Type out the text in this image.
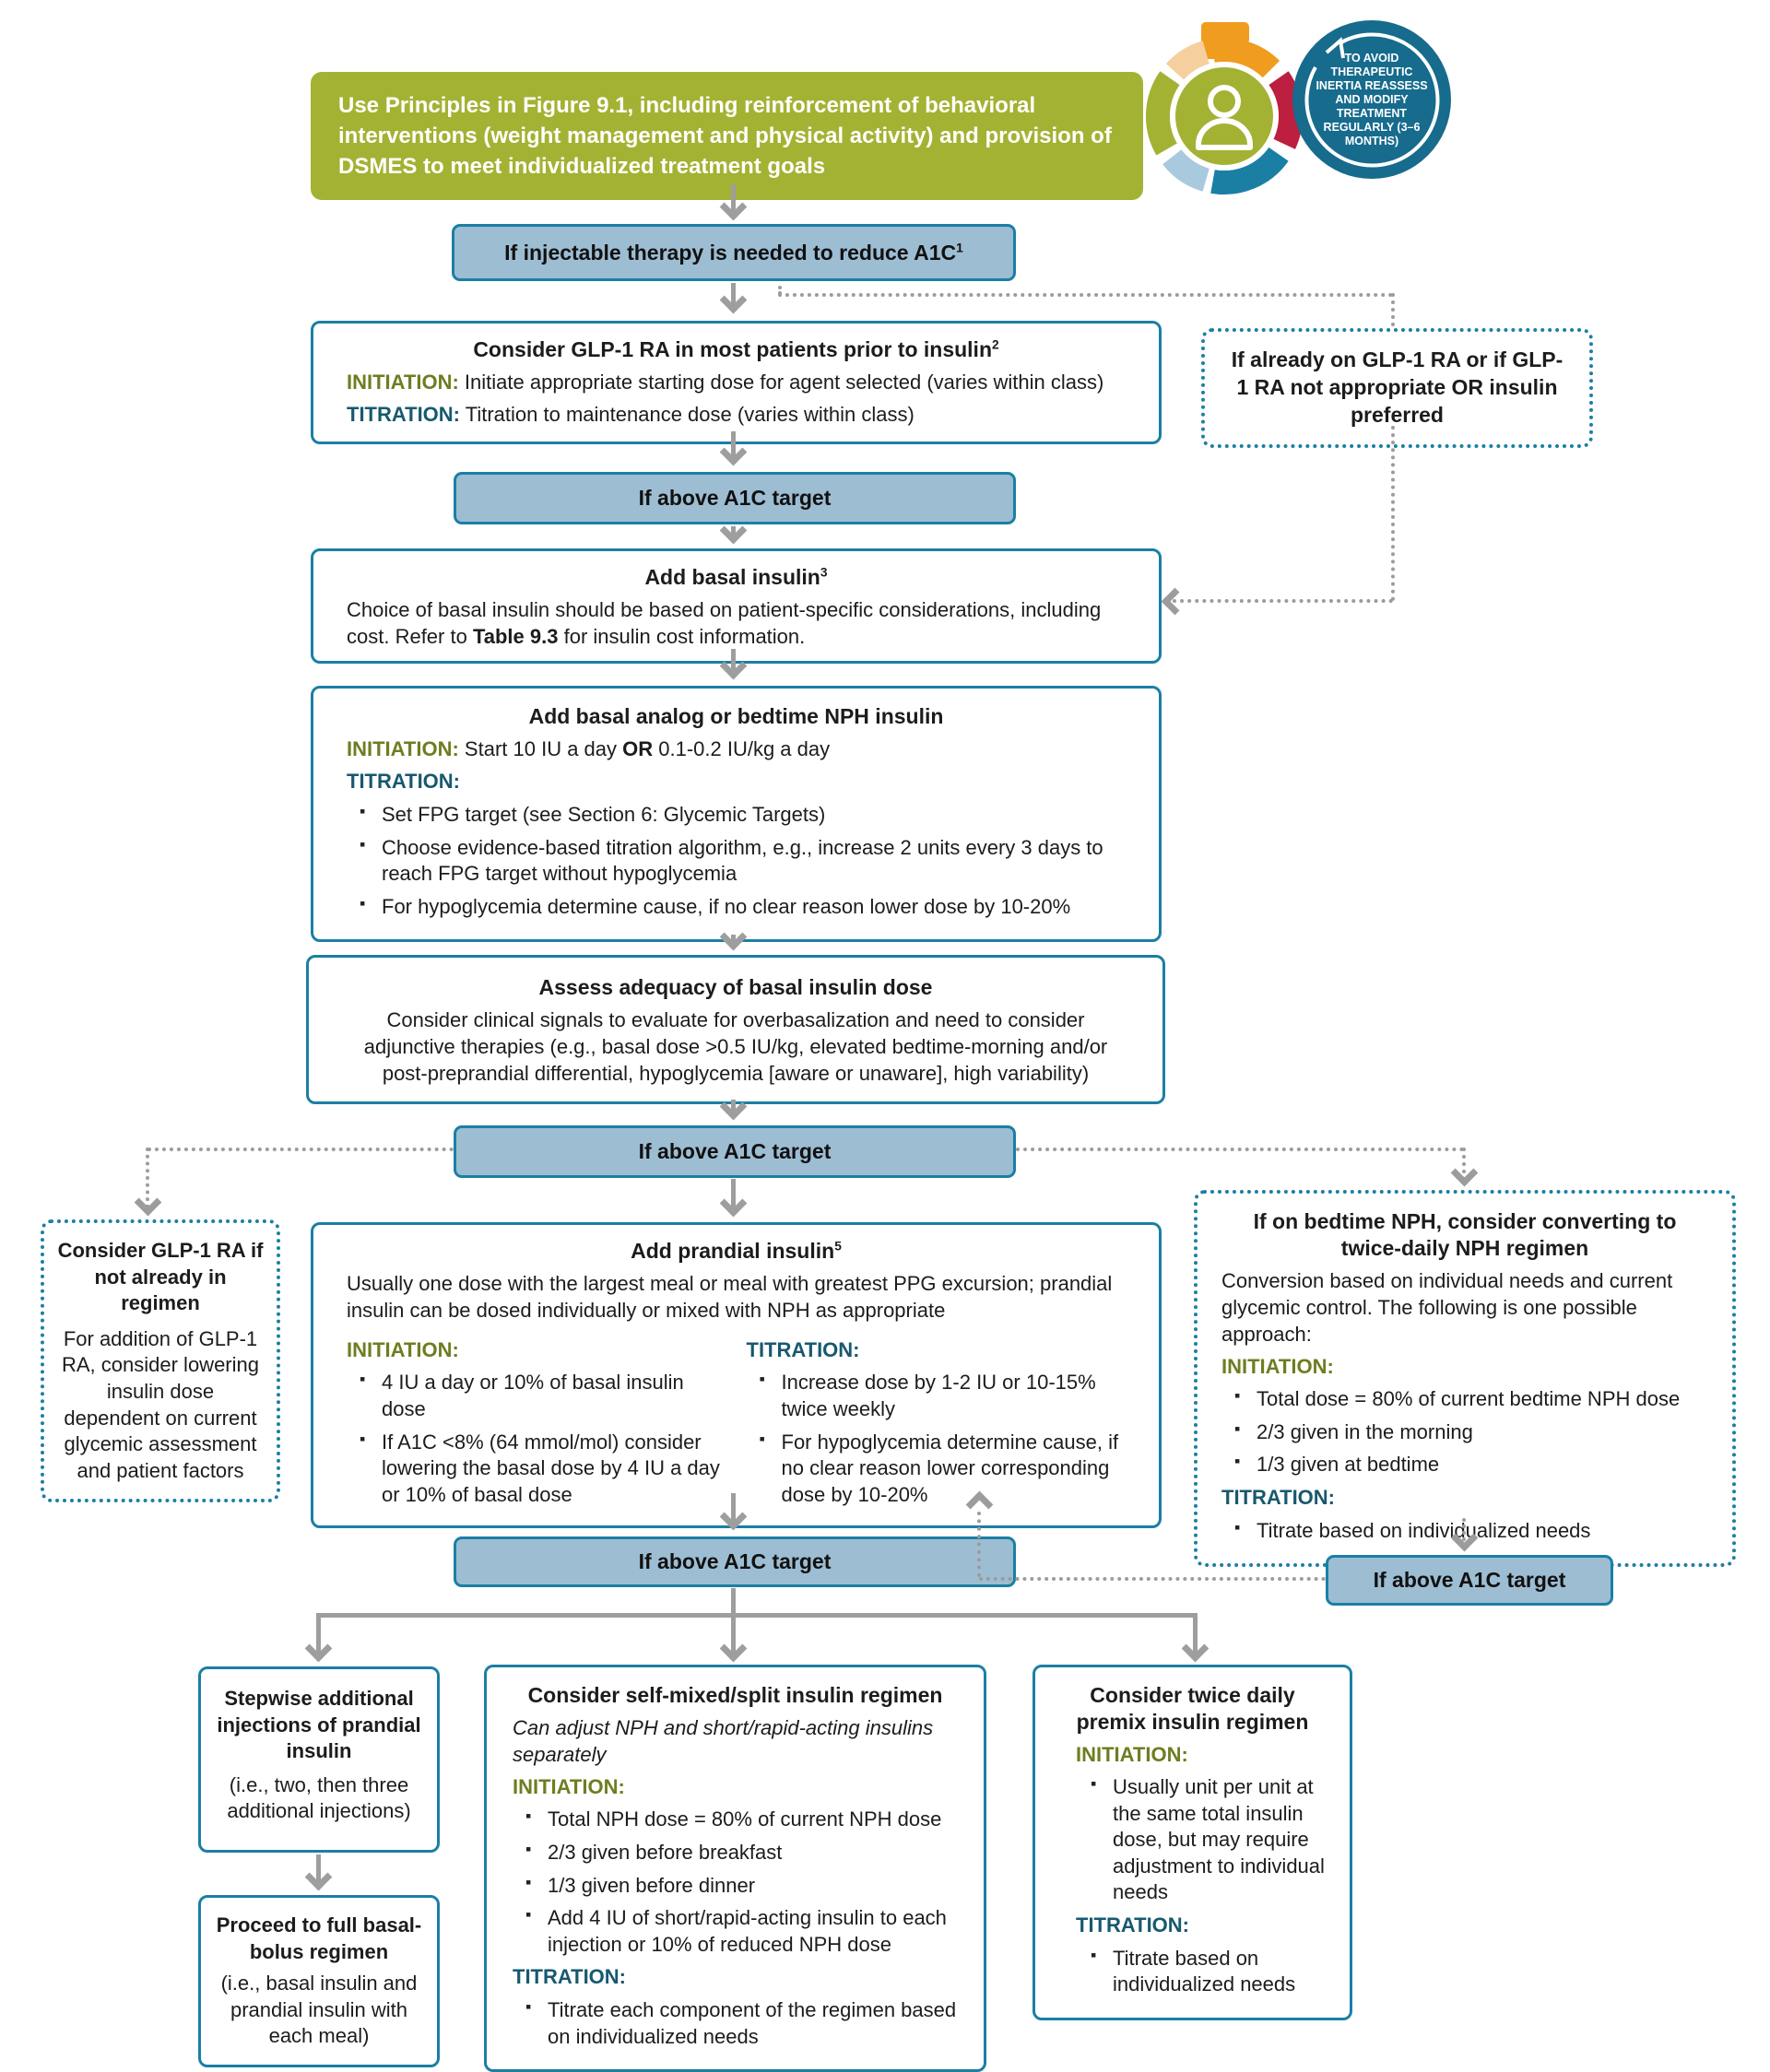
Use Principles in Figure 9.1, including reinforcement of behavioral interventions (weight management and physical activity) and provision of DSMES to meet individualized treatment goals
TO AVOID THERAPEUTIC INERTIA REASSESS AND MODIFY TREATMENT REGULARLY (3–6 MONTHS)
If injectable therapy is needed to reduce $A1C^1$
Consider GLP-1 RA in most patients prior to insulin$^2$
INITIATION: Initiate appropriate starting dose for agent selected (varies within class)
TITRATION: Titration to maintenance dose (varies within class)
If already on GLP-1 RA or if GLP-1 RA not appropriate OR insulin preferred
If above A1C target
Add basal insulin$^3$
Choice of basal insulin should be based on patient-specific considerations, including cost. Refer to Table 9.3 for insulin cost information.
Add basal analog or bedtime NPH insulin
INITIATION: Start 10 IU a day OR 0.1-0.2 IU/kg a day
TITRATION:
▪ Set FPG target (see Section 6: Glycemic Targets)
▪ Choose evidence-based titration algorithm, e.g., increase 2 units every 3 days to reach FPG target without hypoglycemia
▪ For hypoglycemia determine cause, if no clear reason lower dose by 10-20%
Assess adequacy of basal insulin dose
Consider clinical signals to evaluate for overbasalization and need to consider adjunctive therapies (e.g., basal dose >0.5 IU/kg, elevated bedtime-morning and/or post-preprandial differential, hypoglycemia [aware or unaware], high variability)
If above A1C target
Consider GLP-1 RA if not already in regimen
For addition of GLP-1 RA, consider lowering insulin dose dependent on current glycemic assessment and patient factors
Add prandial insulin$^5$
Usually one dose with the largest meal or meal with greatest PPG excursion; prandial insulin can be dosed individually or mixed with NPH as appropriate
INITIATION:
▪ 4 IU a day or 10% of basal insulin dose
▪ If A1C <8% (64 mmol/mol) consider lowering the basal dose by 4 IU a day or 10% of basal dose
TITRATION:
▪ Increase dose by 1-2 IU or 10-15% twice weekly
▪ For hypoglycemia determine cause, if no clear reason lower corresponding dose by 10-20%
If on bedtime NPH, consider converting to twice-daily NPH regimen
Conversion based on individual needs and current glycemic control. The following is one possible approach:
INITIATION:
▪ Total dose = 80% of current bedtime NPH dose
▪ 2/3 given in the morning
▪ 1/3 given at bedtime
TITRATION:
▪ Titrate based on individualized needs
If above A1C target
If above A1C target
Stepwise additional injections of prandial insulin
(i.e., two, then three additional injections)
Proceed to full basal-bolus regimen
(i.e., basal insulin and prandial insulin with each meal)
Consider self-mixed/split insulin regimen
Can adjust NPH and short/rapid-acting insulins separately
INITIATION:
▪ Total NPH dose = 80% of current NPH dose
▪ 2/3 given before breakfast
▪ 1/3 given before dinner
▪ Add 4 IU of short/rapid-acting insulin to each injection or 10% of reduced NPH dose
TITRATION:
▪ Titrate each component of the regimen based on individualized needs
Consider twice daily premix insulin regimen
INITIATION:
▪ Usually unit per unit at the same total insulin dose, but may require adjustment to individual needs
TITRATION:
▪ Titrate based on individualized needs
